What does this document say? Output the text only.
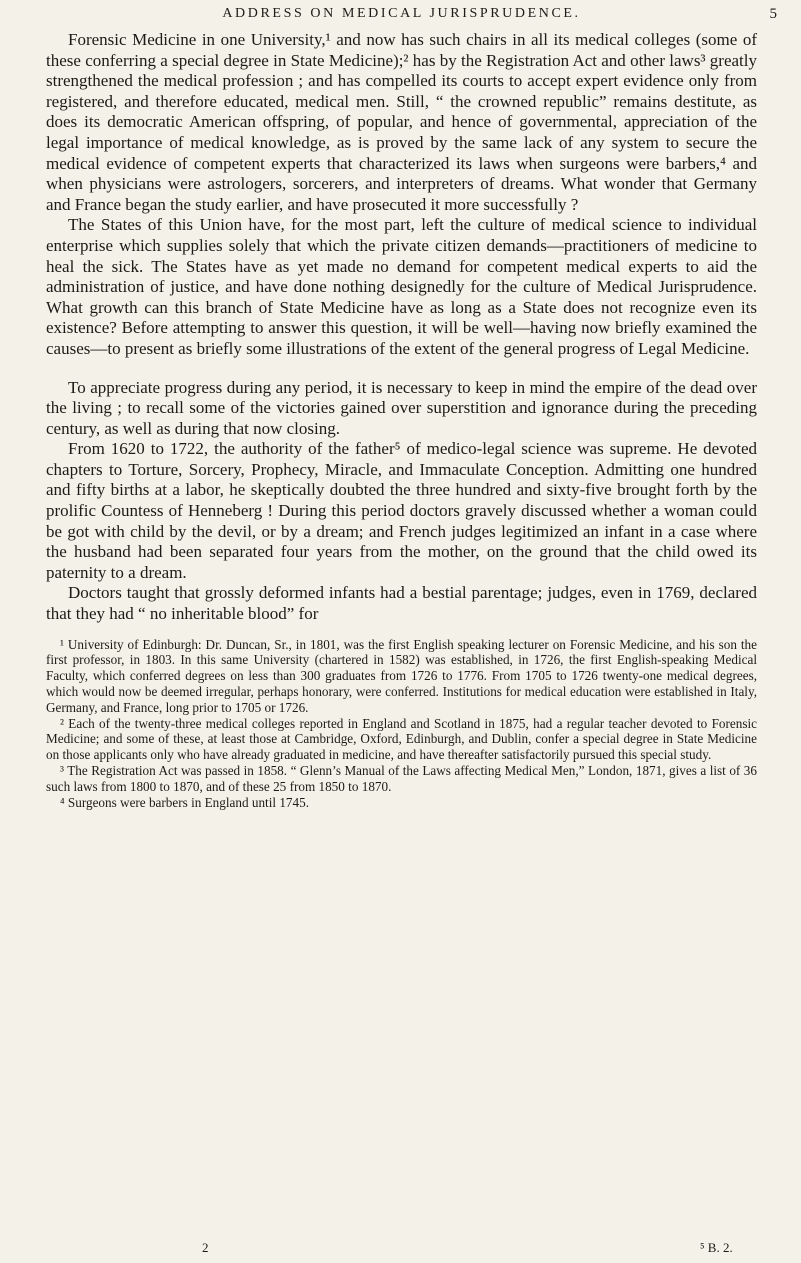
ADDRESS ON MEDICAL JURISPRUDENCE.	5

Forensic Medicine in one University,¹ and now has such chairs in all its medical colleges (some of these conferring a special degree in State Medicine);² has by the Registration Act and other laws³ greatly strengthened the medical profession ; and has compelled its courts to accept expert evidence only from registered, and therefore educated, medical men. Still, “ the crowned republic” remains destitute, as does its democratic American offspring, of popular, and hence of governmental, appreciation of the legal importance of medical knowledge, as is proved by the same lack of any system to secure the medical evidence of competent experts that characterized its laws when surgeons were barbers,⁴ and when physicians were astrologers, sorcerers, and interpreters of dreams. What wonder that Germany and France began the study earlier, and have prosecuted it more successfully ?

The States of this Union have, for the most part, left the culture of medical science to individual enterprise which supplies solely that which the private citizen demands—practitioners of medicine to heal the sick. The States have as yet made no demand for competent medical experts to aid the administration of justice, and have done nothing designedly for the culture of Medical Jurisprudence. What growth can this branch of State Medicine have as long as a State does not recognize even its existence? Before attempting to answer this question, it will be well—having now briefly examined the causes—to present as briefly some illustrations of the extent of the general progress of Legal Medicine.

To appreciate progress during any period, it is necessary to keep in mind the empire of the dead over the living ; to recall some of the victories gained over superstition and ignorance during the preceding century, as well as during that now closing.

From 1620 to 1722, the authority of the father⁵ of medico-legal science was supreme. He devoted chapters to Torture, Sorcery, Prophecy, Miracle, and Immaculate Conception. Admitting one hundred and fifty births at a labor, he skeptically doubted the three hundred and sixty-five brought forth by the prolific Countess of Henneberg ! During this period doctors gravely discussed whether a woman could be got with child by the devil, or by a dream; and French judges legitimized an infant in a case where the husband had been separated four years from the mother, on the ground that the child owed its paternity to a dream.

Doctors taught that grossly deformed infants had a bestial parentage; judges, even in 1769, declared that they had “ no inheritable blood” for

¹ University of Edinburgh: Dr. Duncan, Sr., in 1801, was the first English speaking lecturer on Forensic Medicine, and his son the first professor, in 1803. In this same University (chartered in 1582) was established, in 1726, the first English-speaking Medical Faculty, which conferred degrees on less than 300 graduates from 1726 to 1776. From 1705 to 1726 twenty-one medical degrees, which would now be deemed irregular, perhaps honorary, were conferred. Institutions for medical education were established in Italy, Germany, and France, long prior to 1705 or 1726.

² Each of the twenty-three medical colleges reported in England and Scotland in 1875, had a regular teacher devoted to Forensic Medicine; and some of these, at least those at Cambridge, Oxford, Edinburgh, and Dublin, confer a special degree in State Medicine on those applicants only who have already graduated in medicine, and have thereafter satisfactorily pursued this special study.

³ The Registration Act was passed in 1858. “ Glenn’s Manual of the Laws affecting Medical Men,” London, 1871, gives a list of 36 such laws from 1800 to 1870, and of these 25 from 1850 to 1870.

⁴ Surgeons were barbers in England until 1745.

2	⁵ B. 2.
